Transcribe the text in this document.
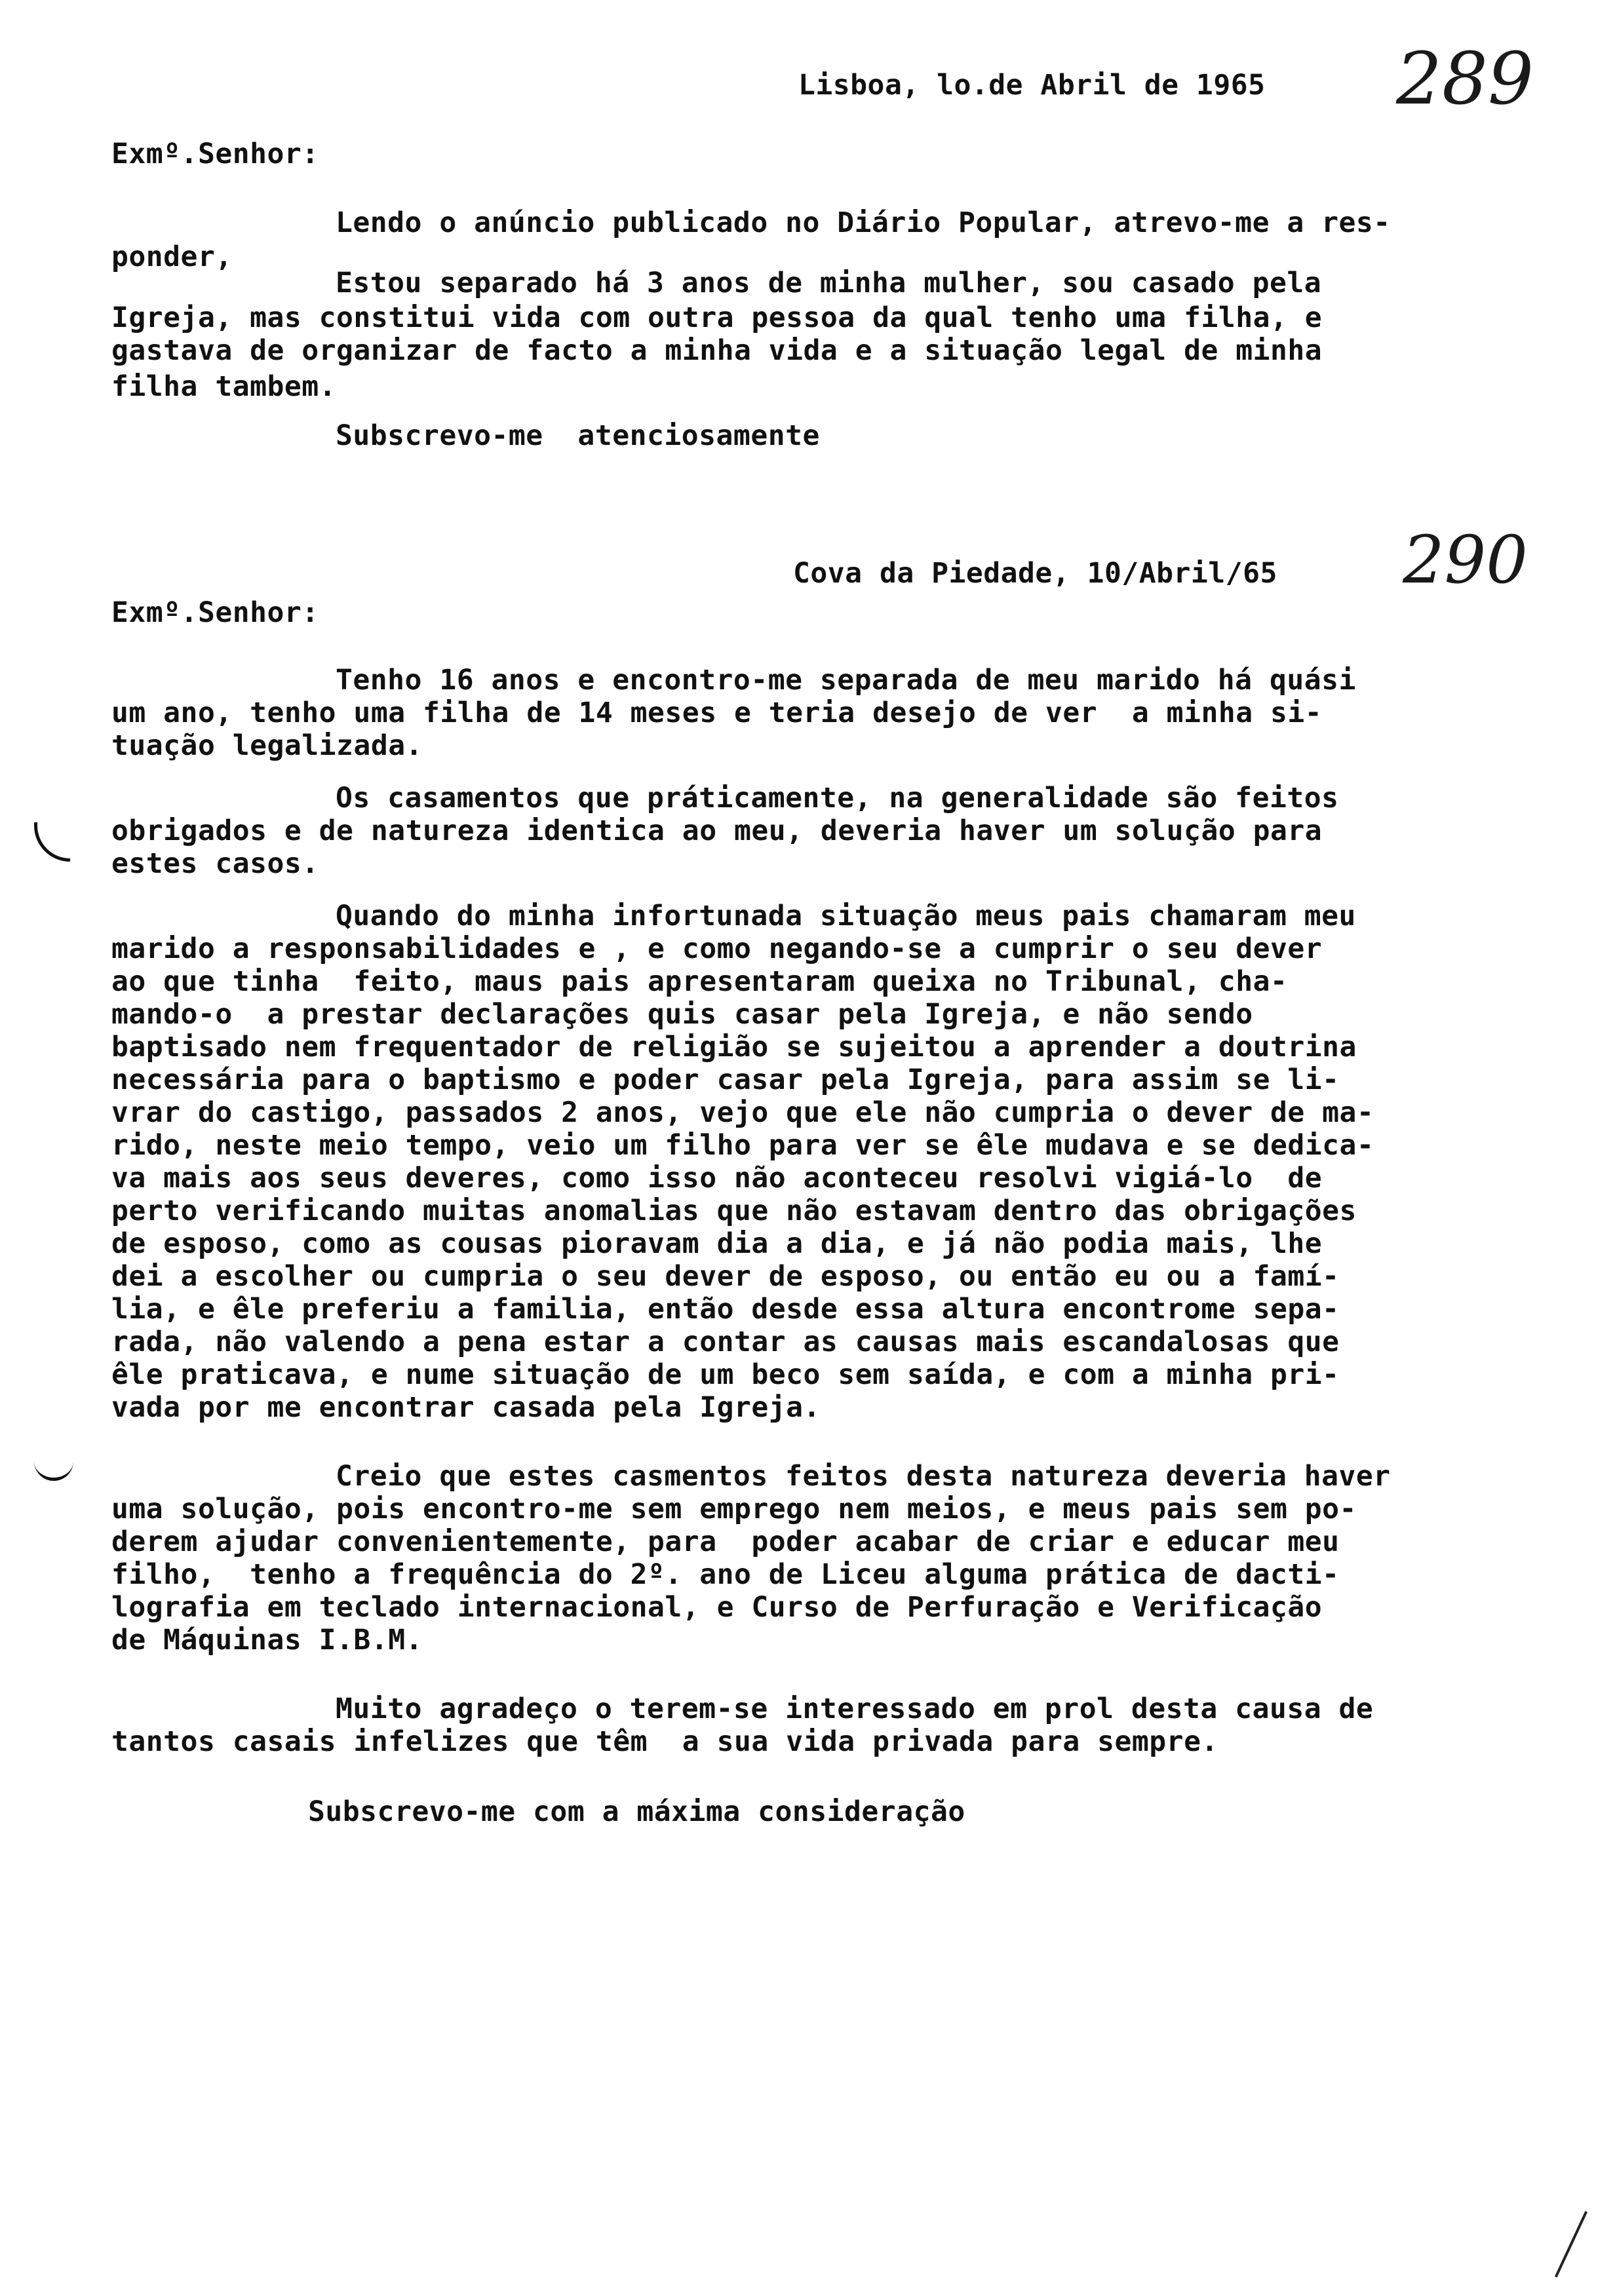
Lisboa, lo.de Abril de 1965 289
Exmº.Senhor:
Lendo o anúncio publicado no Diário Popular, atrevo-me a res-
ponder,
Estou separado há 3 anos de minha mulher, sou casado pela
Igreja, mas constitui vida com outra pessoa da qual tenho uma filha, e
gastava de organizar de facto a minha vida e a situação legal de minha
filha tambem.
Subscrevo-me  atenciosamente
Cova da Piedade, 10/Abril/65 290
Exmº.Senhor:
Tenho 16 anos e encontro-me separada de meu marido há quási
um ano, tenho uma filha de 14 meses e teria desejo de ver  a minha si-
tuação legalizada.
Os casamentos que práticamente, na generalidade são feitos
obrigados e de natureza identica ao meu, deveria haver um solução para
estes casos.
Quando do minha infortunada situação meus pais chamaram meu
marido a responsabilidades e , e como negando-se a cumprir o seu dever
ao que tinha  feito, maus pais apresentaram queixa no Tribunal, cha-
mando-o  a prestar declarações quis casar pela Igreja, e não sendo
baptisado nem frequentador de religião se sujeitou a aprender a doutrina
necessária para o baptismo e poder casar pela Igreja, para assim se li-
vrar do castigo, passados 2 anos, vejo que ele não cumpria o dever de ma-
rido, neste meio tempo, veio um filho para ver se êle mudava e se dedica-
va mais aos seus deveres, como isso não aconteceu resolvi vigiá-lo  de
perto verificando muitas anomalias que não estavam dentro das obrigações
de esposo, como as cousas pioravam dia a dia, e já não podia mais, lhe
dei a escolher ou cumpria o seu dever de esposo, ou então eu ou a famí-
lia, e êle preferiu a familia, então desde essa altura encontrome sepa-
rada, não valendo a pena estar a contar as causas mais escandalosas que
êle praticava, e nume situação de um beco sem saída, e com a minha pri-
vada por me encontrar casada pela Igreja.
Creio que estes casmentos feitos desta natureza deveria haver
uma solução, pois encontro-me sem emprego nem meios, e meus pais sem po-
derem ajudar convenientemente, para  poder acabar de criar e educar meu
filho,  tenho a frequência do 2º. ano de Liceu alguma prática de dacti-
lografia em teclado internacional, e Curso de Perfuração e Verificação
de Máquinas I.B.M.
Muito agradeço o terem-se interessado em prol desta causa de
tantos casais infelizes que têm  a sua vida privada para sempre.
Subscrevo-me com a máxima consideração
